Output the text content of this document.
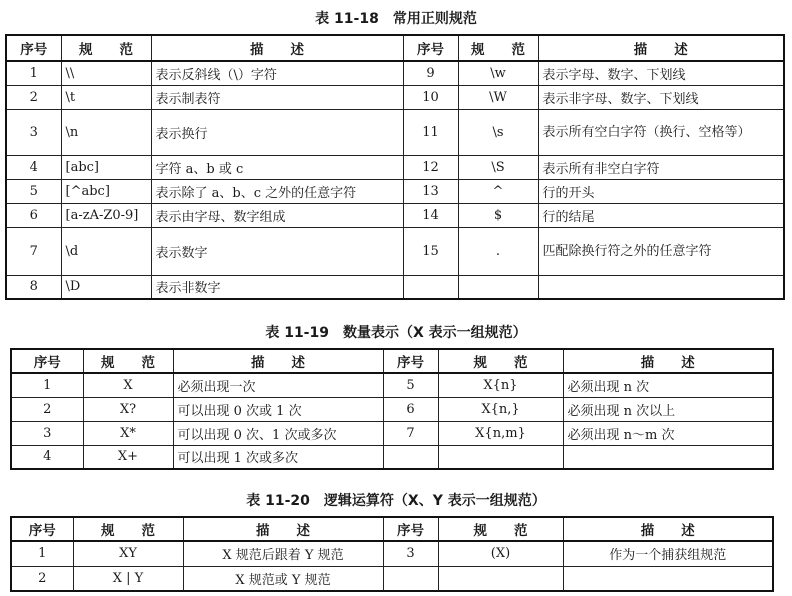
表 11-18　常用正则规范
序号	规　　范	描　　述	序号	规　　范	描　　述
1	\\	表示反斜线（\）字符	9	\w	表示字母、数字、下划线
2	\t	表示制表符	10	\W	表示非字母、数字、下划线
3	\n	表示换行	11	\s	表示所有空白字符（换行、空格等）
4	[abc]	字符 a、b 或 c	12	\S	表示所有非空白字符
5	[^abc]	表示除了 a、b、c 之外的任意字符	13	^	行的开头
6	[a-zA-Z0-9]	表示由字母、数字组成	14	$	行的结尾
7	\d	表示数字	15	.	匹配除换行符之外的任意字符
8	\D	表示非数字			
表 11-19　数量表示（X 表示一组规范）
序号	规　　范	描　　述	序号	规　　范	描　　述
1	X	必须出现一次	5	X{n}	必须出现 n 次
2	X?	可以出现 0 次或 1 次	6	X{n,}	必须出现 n 次以上
3	X*	可以出现 0 次、1 次或多次	7	X{n,m}	必须出现 n～m 次
4	X+	可以出现 1 次或多次			
表 11-20　逻辑运算符（X、Y 表示一组规范）
序号	规　　范	描　　述	序号	规　　范	描　　述
1	XY	X 规范后跟着 Y 规范	3	(X)	作为一个捕获组规范
2	X | Y	X 规范或 Y 规范			
